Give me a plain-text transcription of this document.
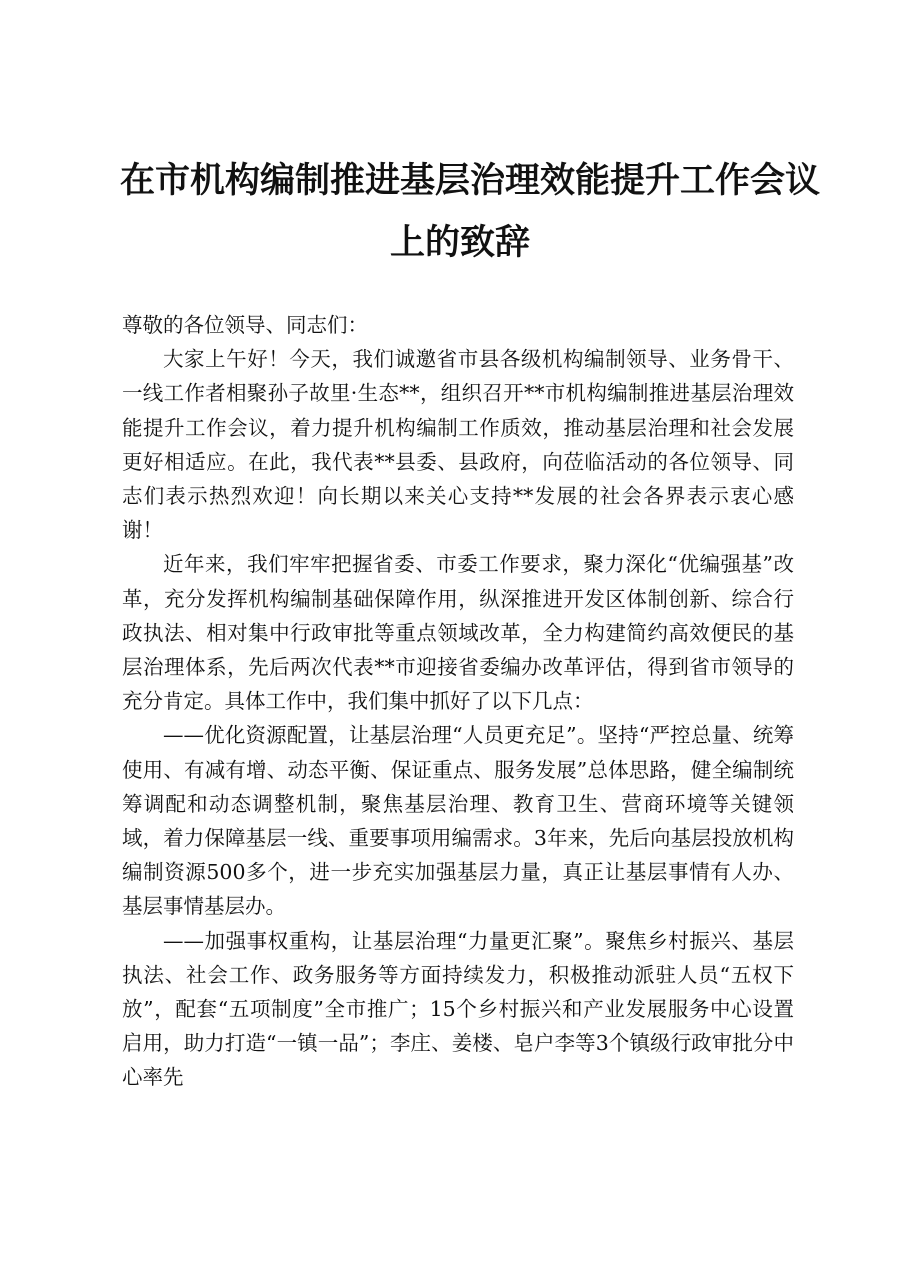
在市机构编制推进基层治理效能提升工作会议
上的致辞

尊敬的各位领导、同志们：

大家上午好！今天，我们诚邀省市县各级机构编制领导、业务骨干、一线工作者相聚孙子故里·生态**，组织召开**市机构编制推进基层治理效能提升工作会议，着力提升机构编制工作质效，推动基层治理和社会发展更好相适应。在此，我代表**县委、县政府，向莅临活动的各位领导、同志们表示热烈欢迎！向长期以来关心支持**发展的社会各界表示衷心感谢！

近年来，我们牢牢把握省委、市委工作要求，聚力深化“优编强基”改革，充分发挥机构编制基础保障作用，纵深推进开发区体制创新、综合行政执法、相对集中行政审批等重点领域改革，全力构建简约高效便民的基层治理体系，先后两次代表**市迎接省委编办改革评估，得到省市领导的充分肯定。具体工作中，我们集中抓好了以下几点：

——优化资源配置，让基层治理“人员更充足”。坚持“严控总量、统筹使用、有减有增、动态平衡、保证重点、服务发展”总体思路，健全编制统筹调配和动态调整机制，聚焦基层治理、教育卫生、营商环境等关键领域，着力保障基层一线、重要事项用编需求。3年来，先后向基层投放机构编制资源500多个，进一步充实加强基层力量，真正让基层事情有人办、基层事情基层办。

——加强事权重构，让基层治理“力量更汇聚”。聚焦乡村振兴、基层执法、社会工作、政务服务等方面持续发力，积极推动派驻人员“五权下放”，配套“五项制度”全市推广；15个乡村振兴和产业发展服务中心设置启用，助力打造“一镇一品”；李庄、姜楼、皂户李等3个镇级行政审批分中心率先
